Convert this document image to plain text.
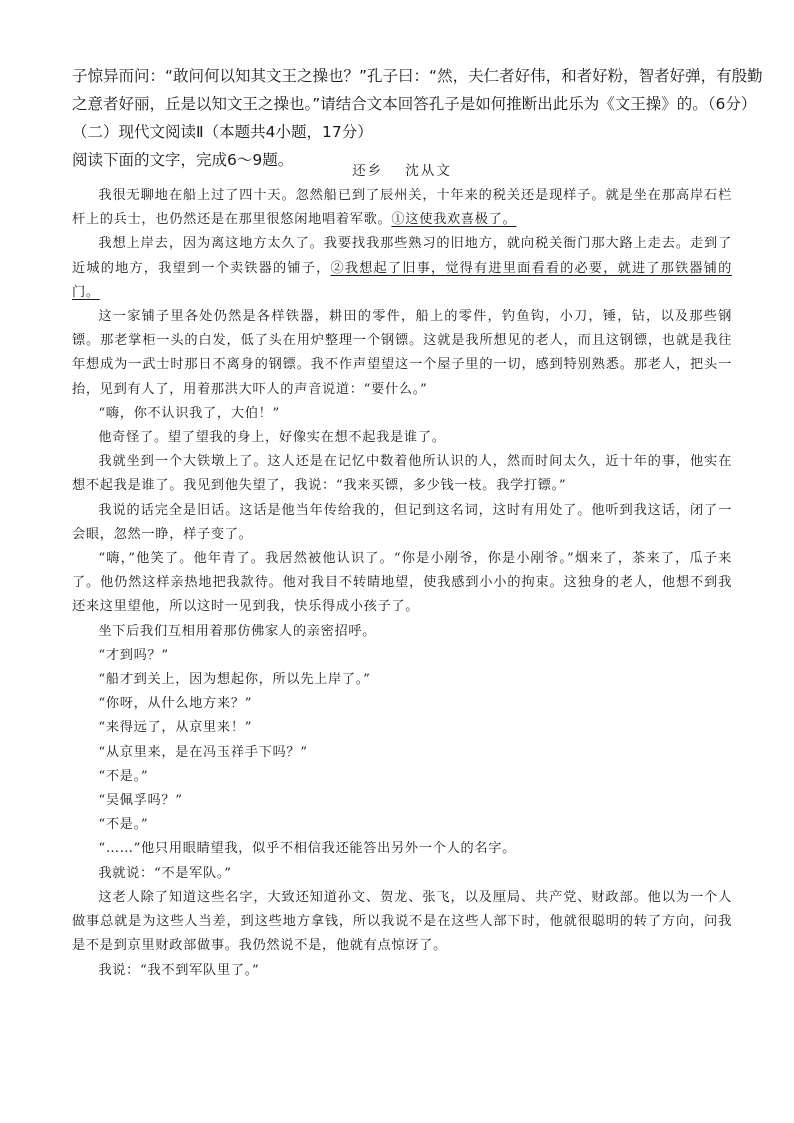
子惊异而问：“敢问何以知其文王之操也？”孔子曰：“然，夫仁者好伟，和者好粉，智者好弹，有殷勤
之意者好丽，丘是以知文王之操也。”请结合文本回答孔子是如何推断出此乐为《文王操》的。（6分）
（二）现代文阅读Ⅱ（本题共4小题，17分）
阅读下面的文字，完成6～9题。
还乡 沈从文

我很无聊地在船上过了四十天。忽然船已到了辰州关，十年来的税关还是现样子。就是坐在那高岸石栏杆上的兵士，也仍然还是在那里很悠闲地唱着军歌。①这使我欢喜极了。

我想上岸去，因为离这地方太久了。我要找我那些熟习的旧地方，就向税关衙门那大路上走去。走到了近城的地方，我望到一个卖铁器的铺子，②我想起了旧事，觉得有进里面看看的必要，就进了那铁器铺的门。

这一家铺子里各处仍然是各样铁器，耕田的零件，船上的零件，钓鱼钩，小刀，锤，钻，以及那些钢镖。那老掌柜一头的白发，低了头在用炉整理一个钢镖。这就是我所想见的老人，而且这钢镖，也就是我往年想成为一武士时那日不离身的钢镖。我不作声望望这一个屋子里的一切，感到特别熟悉。那老人，把头一抬，见到有人了，用着那洪大吓人的声音说道：“要什么。”

“嗨，你不认识我了，大伯！”

他奇怪了。望了望我的身上，好像实在想不起我是谁了。

我就坐到一个大铁墩上了。这人还是在记忆中数着他所认识的人，然而时间太久，近十年的事，他实在想不起我是谁了。我见到他失望了，我说：“我来买镖，多少钱一枝。我学打镖。”

我说的话完全是旧话。这话是他当年传给我的，但记到这名词，这时有用处了。他听到我这话，闭了一会眼，忽然一睁，样子变了。

“嗨，”他笑了。他年青了。我居然被他认识了。“你是小剐爷，你是小剐爷。”烟来了，茶来了，瓜子来了。他仍然这样亲热地把我款待。他对我目不转睛地望，使我感到小小的拘束。这独身的老人，他想不到我还来这里望他，所以这时一见到我，快乐得成小孩子了。

坐下后我们互相用着那仿佛家人的亲密招呼。

“才到吗？”

“船才到关上，因为想起你，所以先上岸了。”

“你呀，从什么地方来？”

“来得远了，从京里来！”

“从京里来，是在冯玉祥手下吗？”

“不是。”

“吴佩孚吗？”

“不是。”

“……”他只用眼睛望我，似乎不相信我还能答出另外一个人的名字。

我就说：“不是军队。”

这老人除了知道这些名字，大致还知道孙文、贺龙、张飞，以及厘局、共产党、财政部。他以为一个人做事总就是为这些人当差，到这些地方拿钱，所以我说不是在这些人部下时，他就很聪明的转了方向，问我是不是到京里财政部做事。我仍然说不是，他就有点惊讶了。

我说：“我不到军队里了。”
